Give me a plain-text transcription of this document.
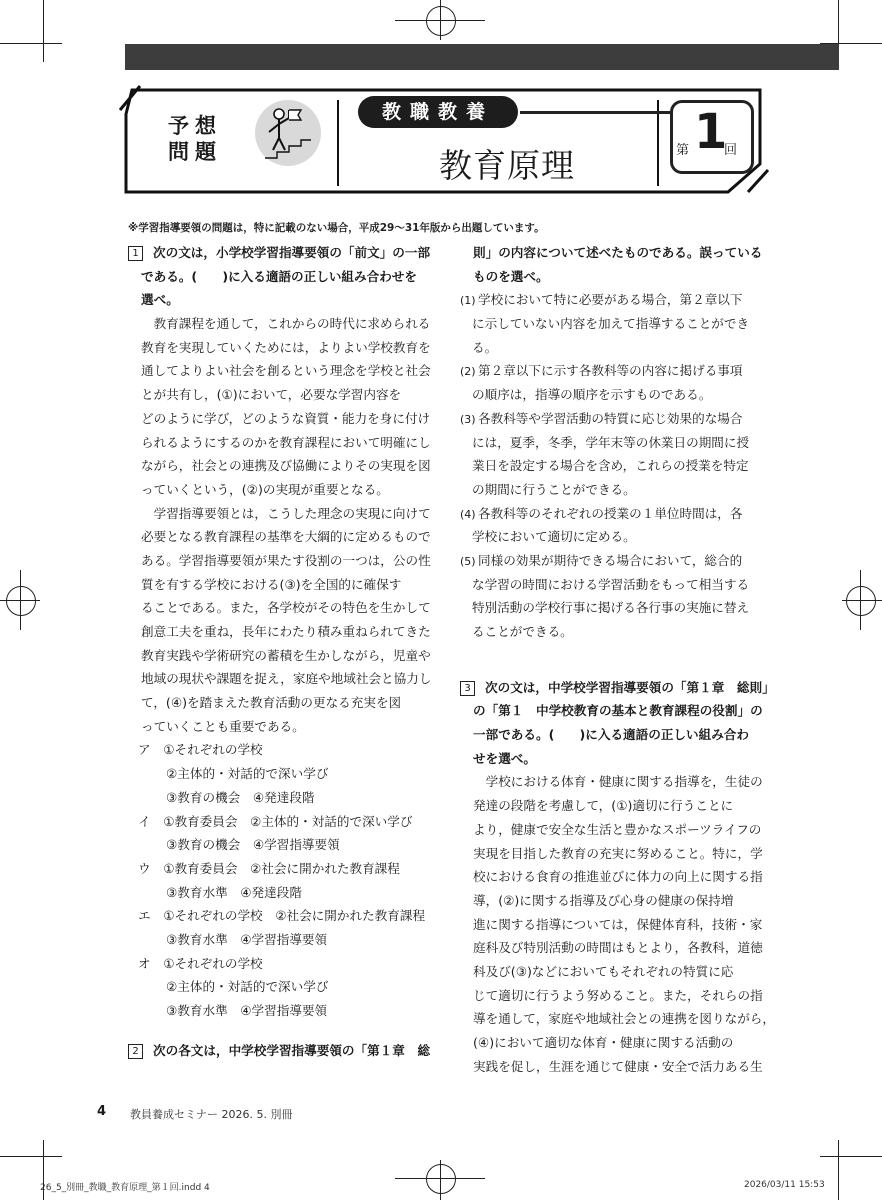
予想
問題
教職教養
教育原理	第 1
回
※学習指導要領の問題は，特に記載のない場合，平成29～31年版から出題しています。
1 次の文は，小学校学習指導要領の「前文」の一部
である。(　　)に入る適語の正しい組み合わせを
選べ。
　教育課程を通して，これからの時代に求められる
教育を実現していくためには，よりよい学校教育を
通してよりよい社会を創るという理念を学校と社会
とが共有し，(①)において，必要な学習内容を
どのように学び，どのような資質・能力を身に付け
られるようにするのかを教育課程において明確にし
ながら，社会との連携及び協働によりその実現を図
っていくという，(②)の実現が重要となる。
　学習指導要領とは，こうした理念の実現に向けて
必要となる教育課程の基準を大綱的に定めるもので
ある。学習指導要領が果たす役割の一つは，公の性
質を有する学校における(③)を全国的に確保す
ることである。また，各学校がその特色を生かして
創意工夫を重ね，長年にわたり積み重ねられてきた
教育実践や学術研究の蓄積を生かしながら，児童や
地域の現状や課題を捉え，家庭や地域社会と協力し
て，(④)を踏まえた教育活動の更なる充実を図
っていくことも重要である。
ア　①それぞれの学校
②主体的・対話的で深い学び
③教育の機会　④発達段階
イ　①教育委員会　②主体的・対話的で深い学び
③教育の機会　④学習指導要領
ウ　①教育委員会　②社会に開かれた教育課程
③教育水準　④発達段階
エ　①それぞれの学校　②社会に開かれた教育課程
③教育水準　④学習指導要領
オ　①それぞれの学校
②主体的・対話的で深い学び
③教育水準　④学習指導要領
2 次の各文は，中学校学習指導要領の「第１章　総
則」の内容について述べたものである。誤っている
ものを選べ。
(1) 学校において特に必要がある場合，第２章以下
に示していない内容を加えて指導することができ
る。
(2) 第２章以下に示す各教科等の内容に掲げる事項
の順序は，指導の順序を示すものである。
(3) 各教科等や学習活動の特質に応じ効果的な場合
には，夏季，冬季，学年末等の休業日の期間に授
業日を設定する場合を含め，これらの授業を特定
の期間に行うことができる。
(4) 各教科等のそれぞれの授業の１単位時間は，各
学校において適切に定める。
(5) 同様の効果が期待できる場合において，総合的
な学習の時間における学習活動をもって相当する
特別活動の学校行事に掲げる各行事の実施に替え
ることができる。
3 次の文は，中学校学習指導要領の「第１章　総則」
の「第１　中学校教育の基本と教育課程の役割」の
一部である。(　　)に入る適語の正しい組み合わ
せを選べ。
　学校における体育・健康に関する指導を，生徒の
発達の段階を考慮して，(①)適切に行うことに
より，健康で安全な生活と豊かなスポーツライフの
実現を目指した教育の充実に努めること。特に，学
校における食育の推進並びに体力の向上に関する指
導，(②)に関する指導及び心身の健康の保持増
進に関する指導については，保健体育科，技術・家
庭科及び特別活動の時間はもとより，各教科，道徳
科及び(③)などにおいてもそれぞれの特質に応
じて適切に行うよう努めること。また，それらの指
導を通して，家庭や地域社会との連携を図りながら，
(④)において適切な体育・健康に関する活動の
実践を促し，生涯を通じて健康・安全で活力ある生
4 教員養成セミナー 2026. 5. 別冊
26_5_別冊_教職_教育原理_第１回.indd 4	2026/03/11 15:53
